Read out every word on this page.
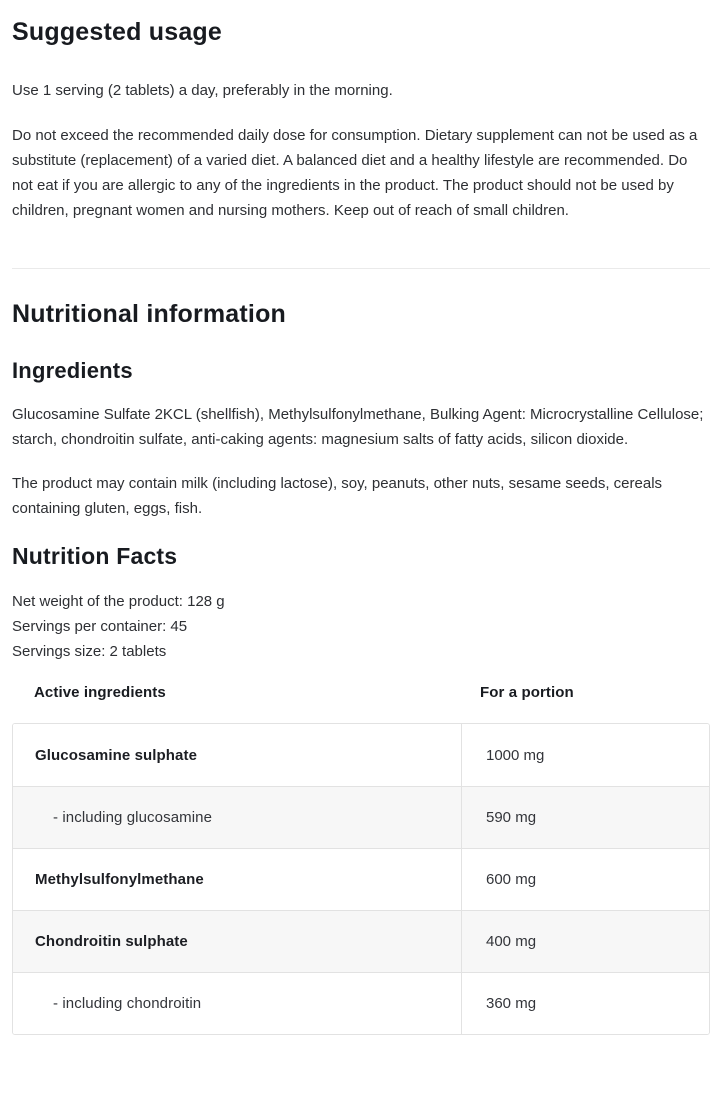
Suggested usage

Use 1 serving (2 tablets) a day, preferably in the morning.

Do not exceed the recommended daily dose for consumption. Dietary supplement can not be used as a substitute (replacement) of a varied diet. A balanced diet and a healthy lifestyle are recommended. Do not eat if you are allergic to any of the ingredients in the product. The product should not be used by children, pregnant women and nursing mothers. Keep out of reach of small children.

Nutritional information
Ingredients

Glucosamine Sulfate 2KCL (shellfish), Methylsulfonylmethane, Bulking Agent: Microcrystalline Cellulose; starch, chondroitin sulfate, anti-caking agents: magnesium salts of fatty acids, silicon dioxide.

The product may contain milk (including lactose), soy, peanuts, other nuts, sesame seeds, cereals containing gluten, eggs, fish.

Nutrition Facts

Net weight of the product: 128 g

Servings per container: 45

Servings size: 2 tablets

Active ingredients	For a portion
Glucosamine sulphate	1000 mg
- including glucosamine	590 mg
Methylsulfonylmethane	600 mg
Chondroitin sulphate	400 mg
- including chondroitin	360 mg
